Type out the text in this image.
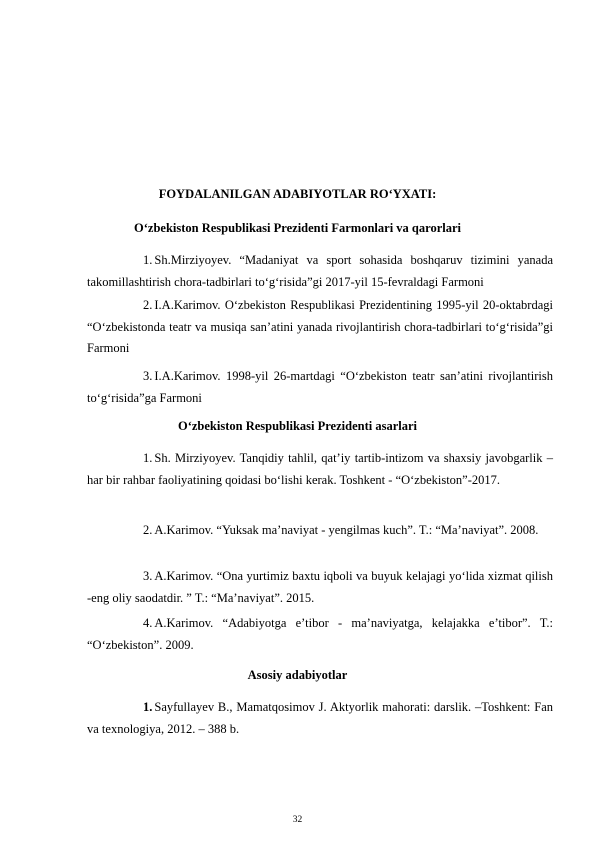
FOYDALANILGAN ADABIYOTLAR RO‘YXATI:
O‘zbekiston Respublikasi Prezidenti Farmonlari va qarorlari
1. Sh.Mirziyoyev. “Madaniyat va sport sohasida boshqaruv tizimini yanada takomillashtirish chora-tadbirlari to‘g‘risida”gi 2017-yil 15-fevraldagi Farmoni
2. I.A.Karimov. O‘zbekiston Respublikasi Prezidentining 1995-yil 20-oktabrdagi “O‘zbekistonda teatr va musiqa san’atini yanada rivojlantirish chora-tadbirlari to‘g‘risida”gi Farmoni
3. I.A.Karimov. 1998-yil 26-martdagi “O‘zbekiston teatr san’atini rivojlantirish to‘g‘risida”ga Farmoni
O‘zbekiston Respublikasi Prezidenti asarlari
1. Sh. Mirziyoyev. Tanqidiy tahlil, qat’iy tartib-intizom va shaxsiy javobgarlik – har bir rahbar faoliyatining qoidasi bo‘lishi kerak. Toshkent - “O‘zbekiston”-2017.
2. A.Karimov. “Yuksak ma’naviyat - yengilmas kuch”. T.: “Ma’naviyat”. 2008.
3. A.Karimov. “Ona yurtimiz baxtu iqboli va buyuk kelajagi yo‘lida xizmat qilish -eng oliy saodatdir. ” T.: “Ma’naviyat”. 2015.
4. A.Karimov. “Adabiyotga e’tibor - ma’naviyatga, kelajakka e’tibor”. T.: “O‘zbekiston”. 2009.
Asosiy adabiyotlar
1. Sayfullayev B., Mamatqosimov J. Aktyorlik mahorati: darslik. –Toshkent: Fan va texnologiya, 2012. – 388 b.
32
